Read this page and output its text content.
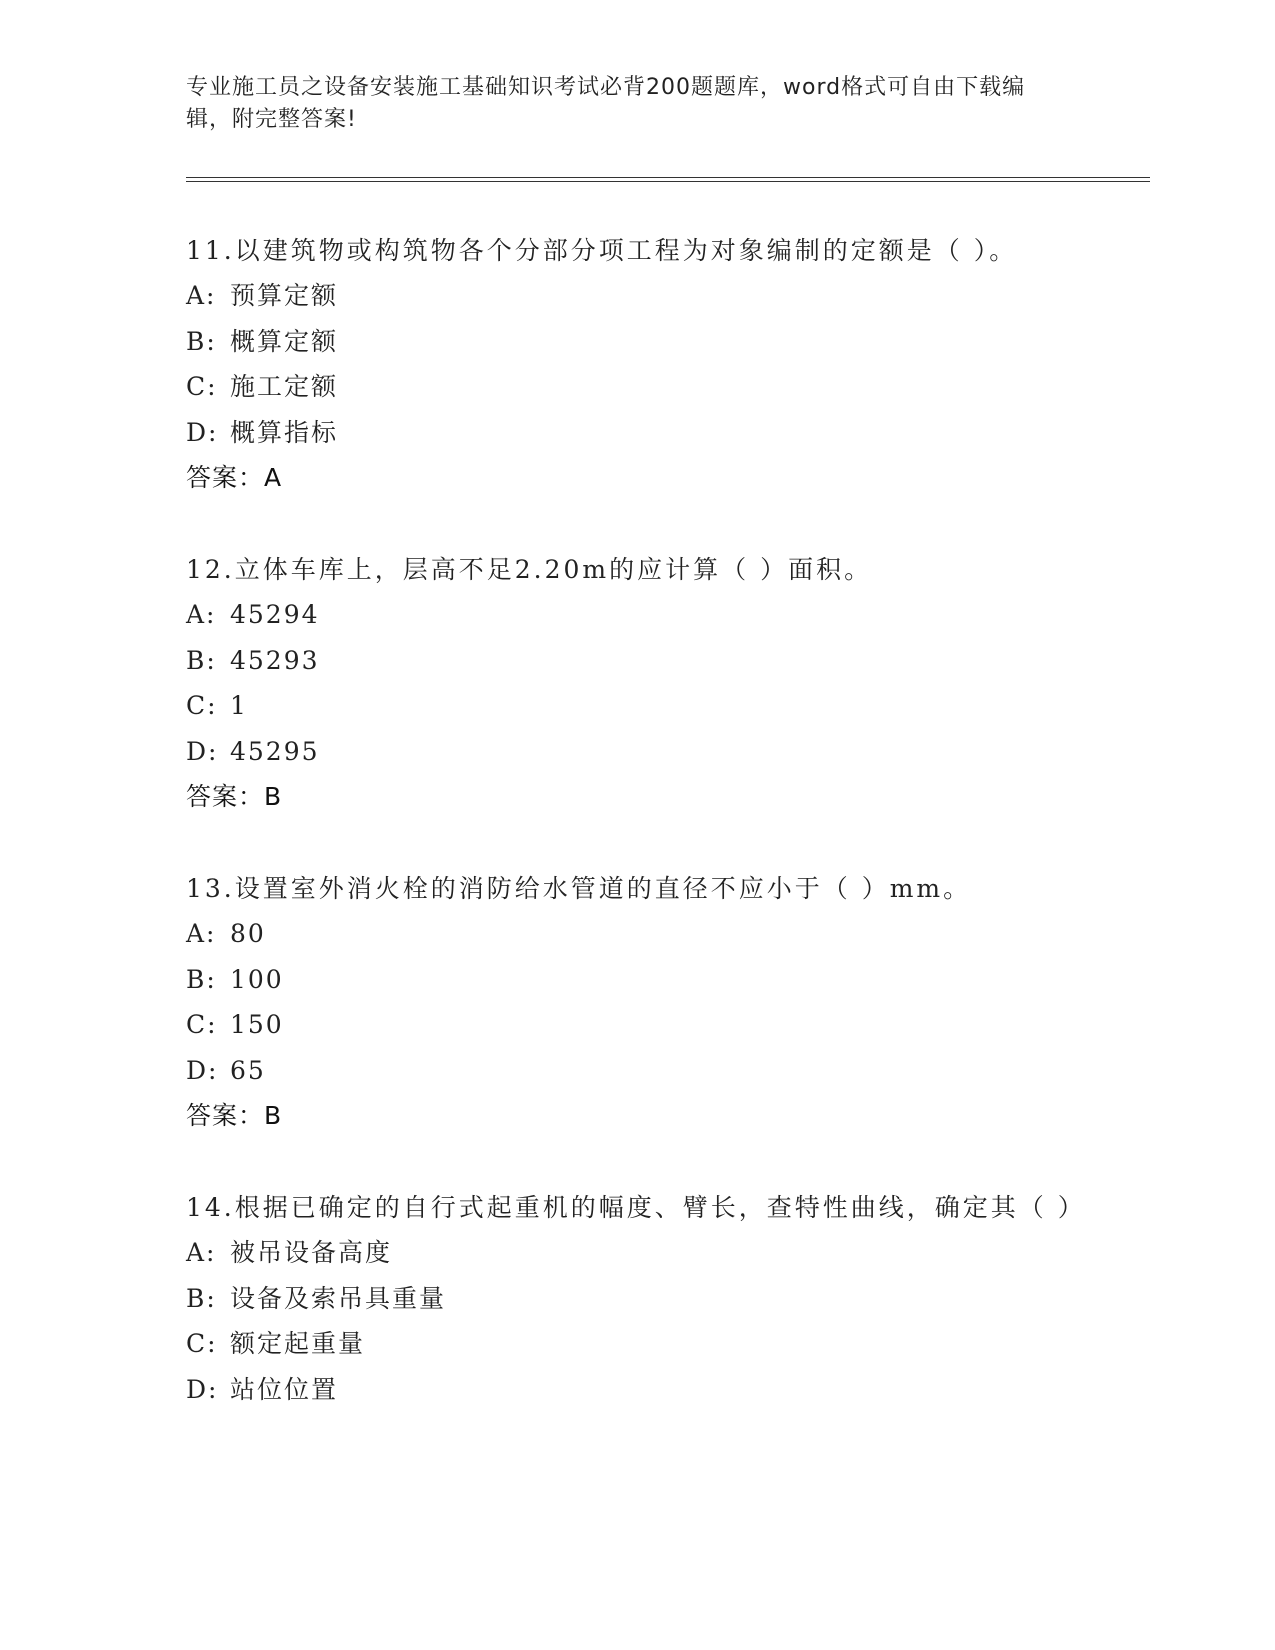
专业施工员之设备安装施工基础知识考试必背200题题库，word格式可自由下载编辑，附完整答案!

11.以建筑物或构筑物各个分部分项工程为对象编制的定额是（ ）。

A: 预算定额

B: 概算定额

C: 施工定额

D: 概算指标

答案：A

12.立体车库上，层高不足2.20m的应计算（ ）面积。

A: 45294

B: 45293

C: 1

D: 45295

答案：B

13.设置室外消火栓的消防给水管道的直径不应小于（ ）mm。

A: 80

B: 100

C: 150

D: 65

答案：B

14.根据已确定的自行式起重机的幅度、臂长，查特性曲线，确定其（ ）

A: 被吊设备高度

B: 设备及索吊具重量

C: 额定起重量

D: 站位位置
